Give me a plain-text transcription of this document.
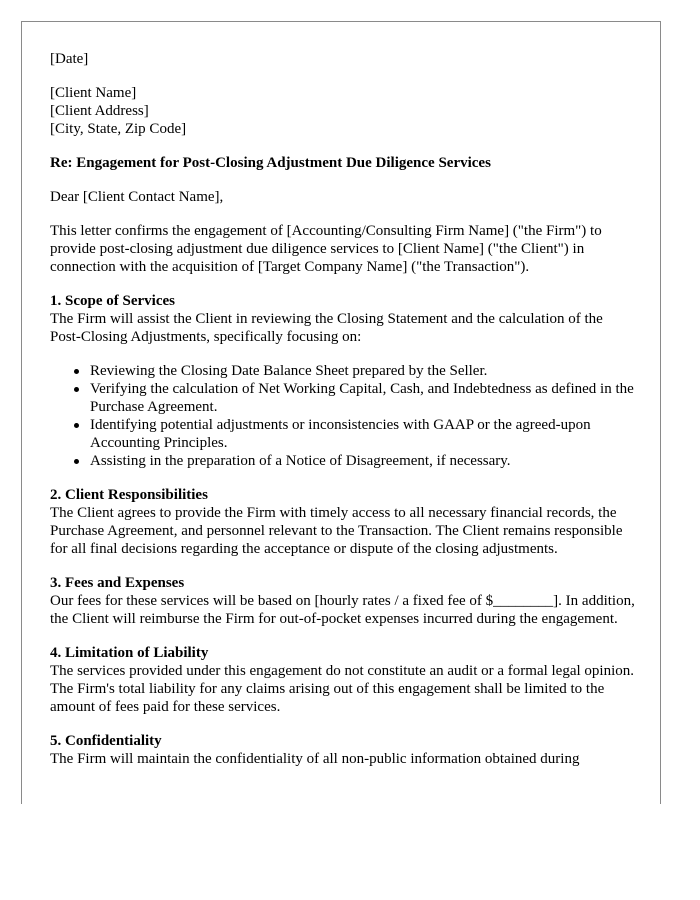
[Date]

[Client Name]
[Client Address]
[City, State, Zip Code]
Re: Engagement for Post-Closing Adjustment Due Diligence Services

Dear [Client Contact Name],

This letter confirms the engagement of [Accounting/Consulting Firm Name] ("the Firm") to provide post-closing adjustment due diligence services to [Client Name] ("the Client") in connection with the acquisition of [Target Company Name] ("the Transaction").

1. Scope of Services
The Firm will assist the Client in reviewing the Closing Statement and the calculation of the Post-Closing Adjustments, specifically focusing on:
Reviewing the Closing Date Balance Sheet prepared by the Seller.
Verifying the calculation of Net Working Capital, Cash, and Indebtedness as defined in the Purchase Agreement.
Identifying potential adjustments or inconsistencies with GAAP or the agreed-upon Accounting Principles.
Assisting in the preparation of a Notice of Disagreement, if necessary.
2. Client Responsibilities
The Client agrees to provide the Firm with timely access to all necessary financial records, the Purchase Agreement, and personnel relevant to the Transaction. The Client remains responsible for all final decisions regarding the acceptance or dispute of the closing adjustments.
3. Fees and Expenses
Our fees for these services will be based on [hourly rates / a fixed fee of $________]. In addition, the Client will reimburse the Firm for out-of-pocket expenses incurred during the engagement.
4. Limitation of Liability
The services provided under this engagement do not constitute an audit or a formal legal opinion. The Firm's total liability for any claims arising out of this engagement shall be limited to the amount of fees paid for these services.
5. Confidentiality
The Firm will maintain the confidentiality of all non-public information obtained during
